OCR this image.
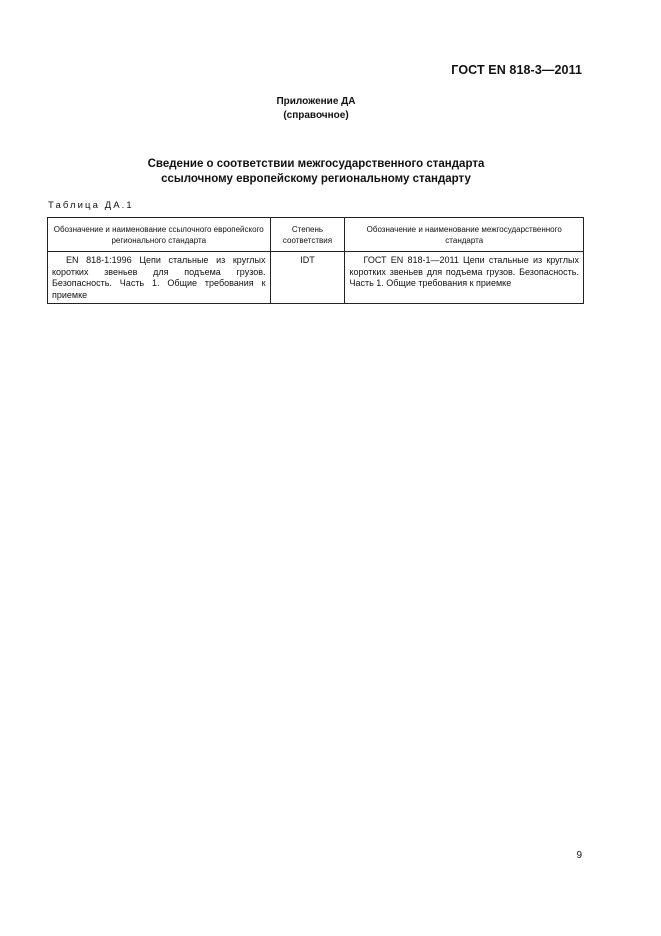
ГОСТ EN 818-3—2011
Приложение ДА
(справочное)
Сведение о соответствии межгосударственного стандарта
ссылочному европейскому региональному стандарту
Таблица ДА.1
Обозначение и наименование ссылочного европейского регионального стандарта	Степень соответствия	Обозначение и наименование межгосударственного стандарта
EN 818-1:1996 Цепи стальные из круглых коротких звеньев для подъема грузов. Безопасность. Часть 1. Общие требования к приемке	IDT	ГОСТ EN 818-1—2011 Цепи стальные из круглых коротких звеньев для подъема грузов. Безопасность. Часть 1. Общие требования к приемке
9
